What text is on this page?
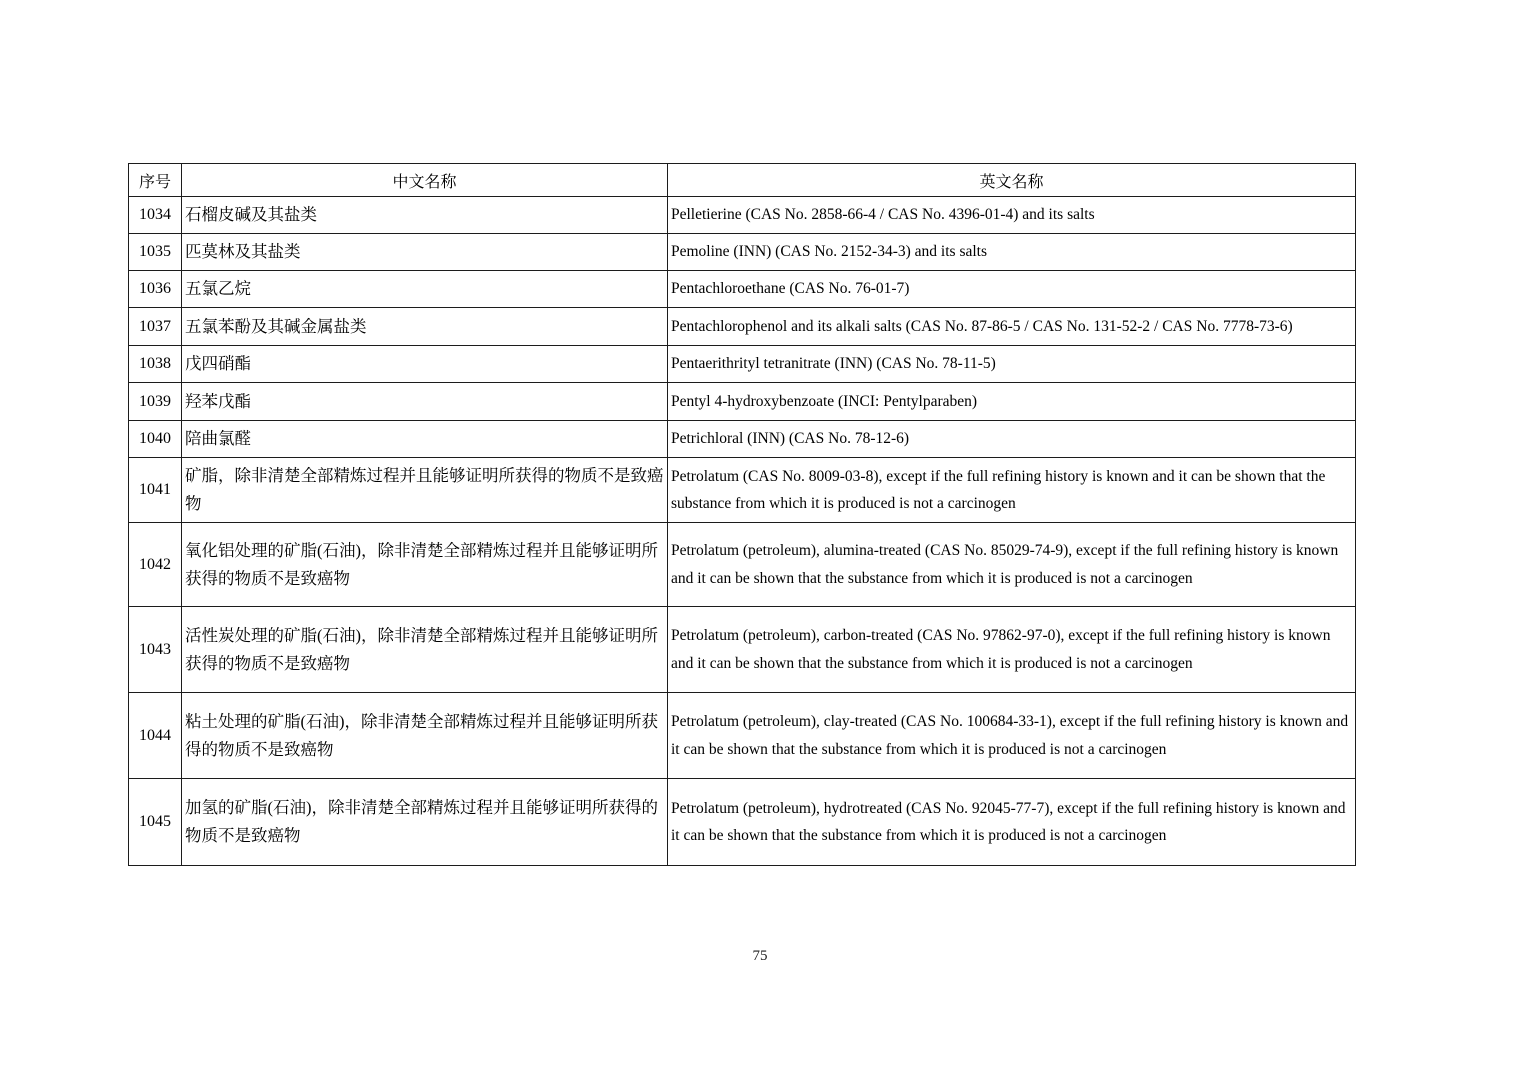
序号	中文名称	英文名称
1034	石榴皮碱及其盐类	Pelletierine (CAS No. 2858-66-4 / CAS No. 4396-01-4) and its salts
1035	匹莫林及其盐类	Pemoline (INN) (CAS No. 2152-34-3) and its salts
1036	五氯乙烷	Pentachloroethane (CAS No. 76-01-7)
1037	五氯苯酚及其碱金属盐类	Pentachlorophenol and its alkali salts (CAS No. 87-86-5 / CAS No. 131-52-2 / CAS No. 7778-73-6)
1038	戊四硝酯	Pentaerithrityl tetranitrate (INN) (CAS No. 78-11-5)
1039	羟苯戊酯	Pentyl 4-hydroxybenzoate (INCI: Pentylparaben)
1040	陪曲氯醛	Petrichloral (INN) (CAS No. 78-12-6)
1041	矿脂，除非清楚全部精炼过程并且能够证明所获得的物质不是致癌物	Petrolatum (CAS No. 8009-03-8), except if the full refining history is known and it can be shown that the substance from which it is produced is not a carcinogen
1042	氧化铝处理的矿脂(石油)，除非清楚全部精炼过程并且能够证明所获得的物质不是致癌物	Petrolatum (petroleum), alumina-treated (CAS No. 85029-74-9), except if the full refining history is known and it can be shown that the substance from which it is produced is not a carcinogen
1043	活性炭处理的矿脂(石油)，除非清楚全部精炼过程并且能够证明所获得的物质不是致癌物	Petrolatum (petroleum), carbon-treated (CAS No. 97862-97-0), except if the full refining history is known and it can be shown that the substance from which it is produced is not a carcinogen
1044	粘土处理的矿脂(石油)，除非清楚全部精炼过程并且能够证明所获得的物质不是致癌物	Petrolatum (petroleum), clay-treated (CAS No. 100684-33-1), except if the full refining history is known and it can be shown that the substance from which it is produced is not a carcinogen
1045	加氢的矿脂(石油)，除非清楚全部精炼过程并且能够证明所获得的物质不是致癌物	Petrolatum (petroleum), hydrotreated (CAS No. 92045-77-7), except if the full refining history is known and it can be shown that the substance from which it is produced is not a carcinogen
75
